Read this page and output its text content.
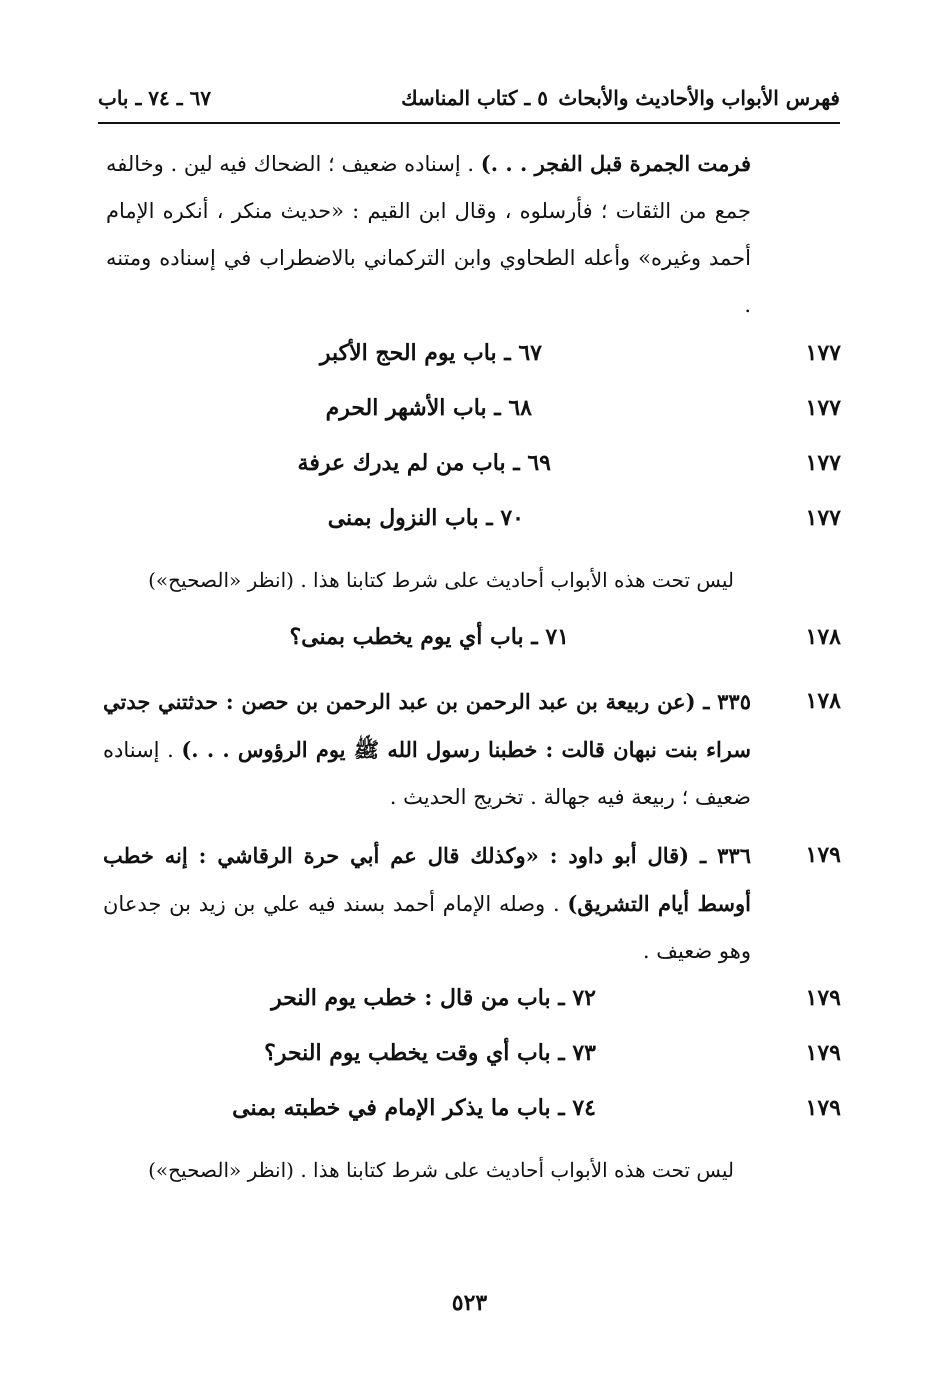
فهرس الأبواب والأحاديث والأبحاث
٥ ـ كتاب المناسك
٦٧ ـ ٧٤ ـ باب
فرمت الجمرة قبل الفجر . . .) . إسناده ضعيف ؛ الضحاك فيه لين . وخالفه جمع من الثقات ؛ فأرسلوه ، وقال ابن القيم : «حديث منكر ، أنكره الإمام أحمد وغيره» وأعله الطحاوي وابن التركماني بالاضطراب في إسناده ومتنه .
١٧٧
٦٧ ـ باب يوم الحج الأكبر
١٧٧
٦٨ ـ باب الأشهر الحرم
١٧٧
٦٩ ـ باب من لم يدرك عرفة
١٧٧
٧٠ ـ باب النزول بمنى
ليس تحت هذه الأبواب أحاديث على شرط كتابنا هذا . (انظر «الصحيح»)
١٧٨
٧١ ـ باب أي يوم يخطب بمنى؟
١٧٨
٣٣٥ ـ (عن ربيعة بن عبد الرحمن بن عبد الرحمن بن حصن : حدثتني جدتي سراء بنت نبهان قالت : خطبنا رسول الله ﷺ يوم الرؤوس . . .) . إسناده ضعيف ؛ ربيعة فيه جهالة . تخريج الحديث .
١٧٩
٣٣٦ ـ (قال أبو داود : «وكذلك قال عم أبي حرة الرقاشي : إنه خطب أوسط أيام التشريق) . وصله الإمام أحمد بسند فيه علي بن زيد بن جدعان وهو ضعيف .
١٧٩
٧٢ ـ باب من قال : خطب يوم النحر
١٧٩
٧٣ ـ باب أي وقت يخطب يوم النحر؟
١٧٩
٧٤ ـ باب ما يذكر الإمام في خطبته بمنى
ليس تحت هذه الأبواب أحاديث على شرط كتابنا هذا . (انظر «الصحيح»)
٥٢٣
